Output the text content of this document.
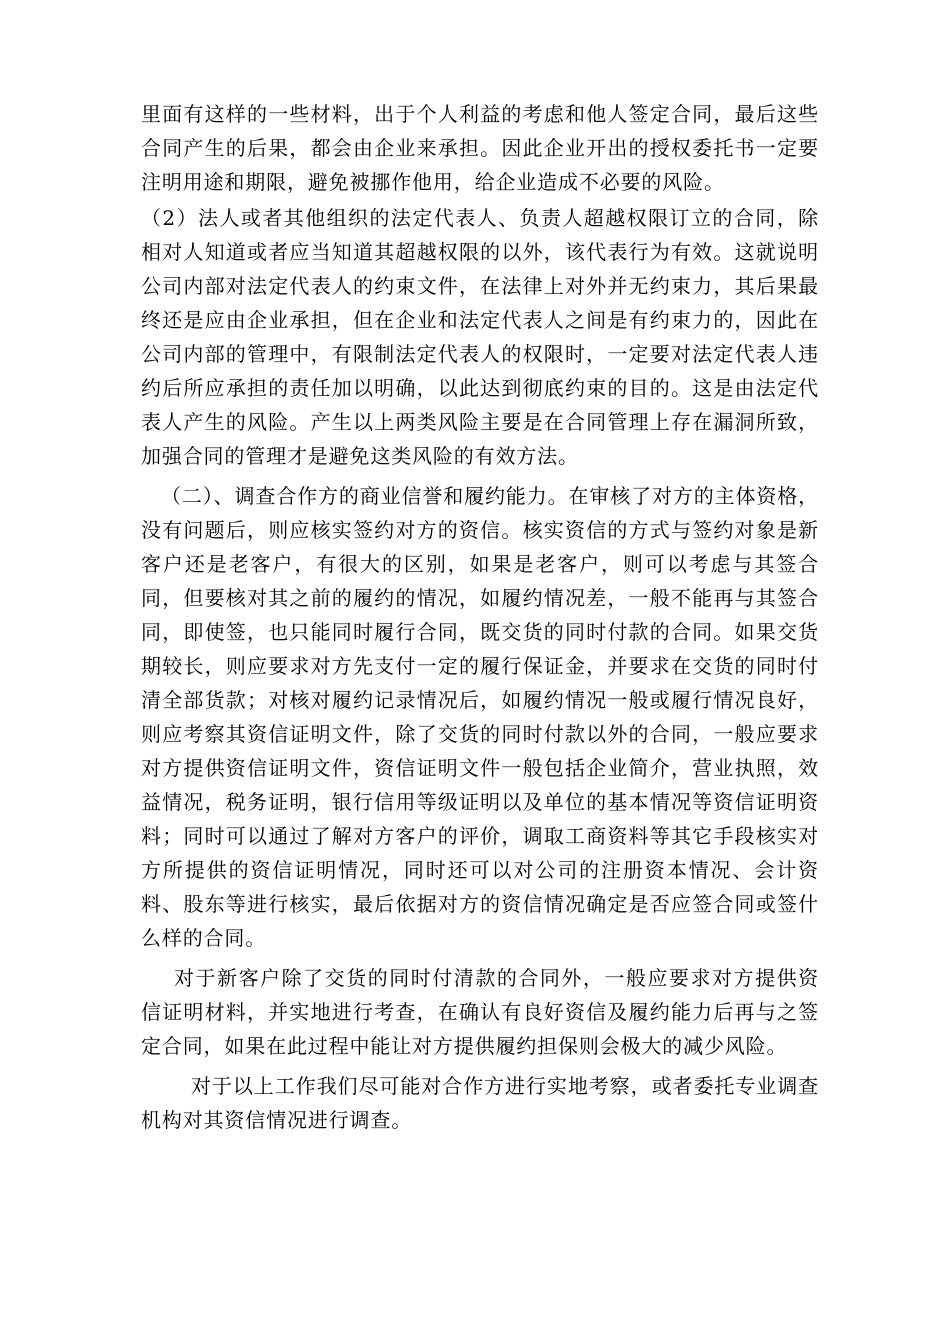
里面有这样的一些材料，出于个人利益的考虑和他人签定合同，最后这些合同产生的后果，都会由企业来承担。因此企业开出的授权委托书一定要注明用途和期限，避免被挪作他用，给企业造成不必要的风险。

（2）法人或者其他组织的法定代表人、负责人超越权限订立的合同，除相对人知道或者应当知道其超越权限的以外，该代表行为有效。这就说明公司内部对法定代表人的约束文件，在法律上对外并无约束力，其后果最终还是应由企业承担，但在企业和法定代表人之间是有约束力的，因此在公司内部的管理中，有限制法定代表人的权限时，一定要对法定代表人违约后所应承担的责任加以明确，以此达到彻底约束的目的。这是由法定代表人产生的风险。产生以上两类风险主要是在合同管理上存在漏洞所致，加强合同的管理才是避免这类风险的有效方法。

（二）、调查合作方的商业信誉和履约能力。在审核了对方的主体资格，没有问题后，则应核实签约对方的资信。核实资信的方式与签约对象是新客户还是老客户，有很大的区别，如果是老客户，则可以考虑与其签合同，但要核对其之前的履约的情况，如履约情况差，一般不能再与其签合同，即使签，也只能同时履行合同，既交货的同时付款的合同。如果交货期较长，则应要求对方先支付一定的履行保证金，并要求在交货的同时付清全部货款；对核对履约记录情况后，如履约情况一般或履行情况良好，则应考察其资信证明文件，除了交货的同时付款以外的合同，一般应要求对方提供资信证明文件，资信证明文件一般包括企业简介，营业执照，效益情况，税务证明，银行信用等级证明以及单位的基本情况等资信证明资料；同时可以通过了解对方客户的评价，调取工商资料等其它手段核实对方所提供的资信证明情况，同时还可以对公司的注册资本情况、会计资料、股东等进行核实，最后依据对方的资信情况确定是否应签合同或签什么样的合同。

对于新客户除了交货的同时付清款的合同外，一般应要求对方提供资信证明材料，并实地进行考查，在确认有良好资信及履约能力后再与之签定合同，如果在此过程中能让对方提供履约担保则会极大的减少风险。

对于以上工作我们尽可能对合作方进行实地考察，或者委托专业调查机构对其资信情况进行调查。
